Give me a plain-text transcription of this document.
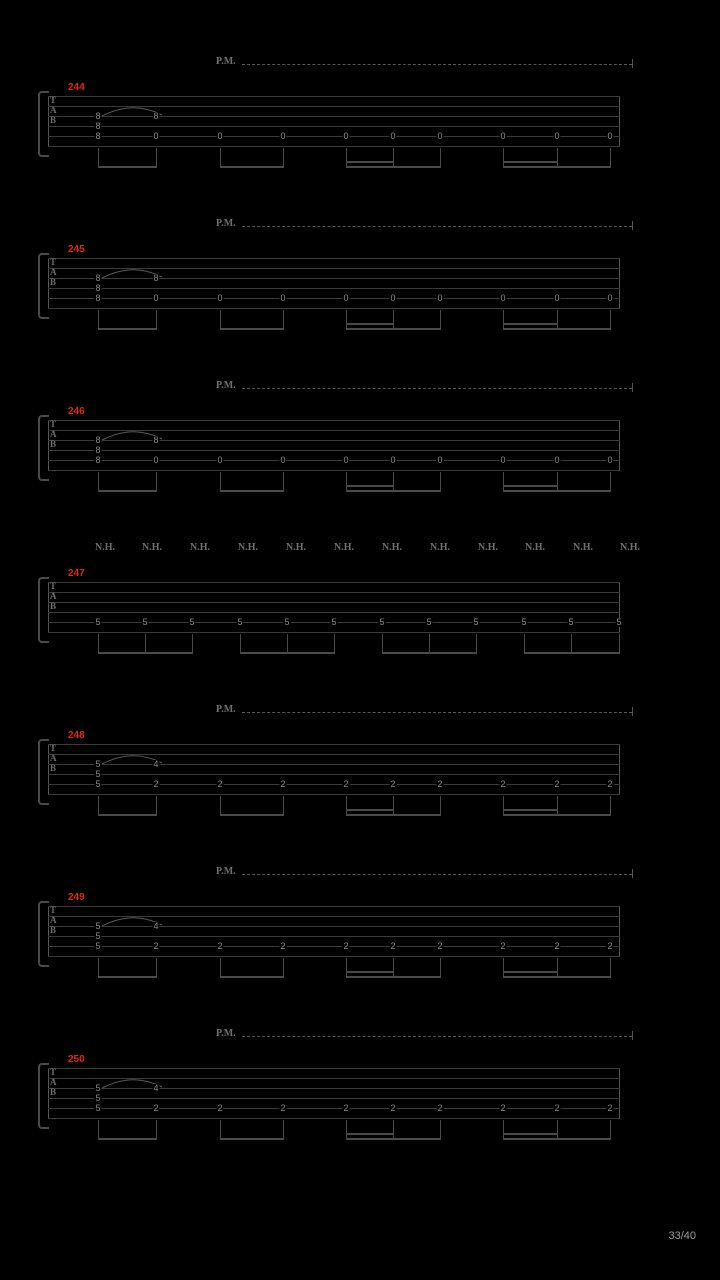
P.M.
244
T
A
B	8
8
8
8
0	0	0	0	0	0	0	0	0
P.M.
245
T
A
B	8
8
8
8
0	0	0	0	0	0	0	0	0
P.M.
246
T
A
B	8
8
8
8
0	0	0	0	0	0	0	0	0
N.H.	N.H.	N.H.	N.H.	N.H.	N.H.	N.H.	N.H.	N.H.	N.H.	N.H.	N.H.
247
T
A
B
5	5	5	5	5	5	5	5	5	5	5	5
P.M.
248
T
A
B	5
5
5
4
2	2	2	2	2	2	2	2	2
P.M.
249
T
A
B	5
5
5
4
2	2	2	2	2	2	2	2	2
P.M.
250
T
A
B	5
5
5
4
2	2	2	2	2	2	2	2	2
33/40
